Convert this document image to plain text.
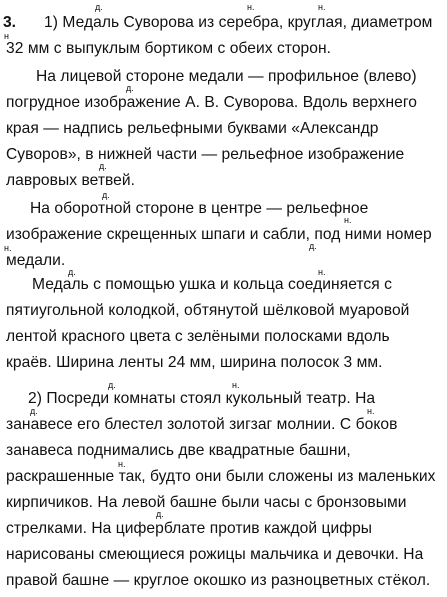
3.
н
1) Медаль Суворова из серебра, круглая, диаметром
32 мм с выпуклым бортиком с обеих сторон.
На лицевой стороне медали — профильное (влево)
погрудное изображение А. В. Суворова. Вдоль верхнего
края — надпись рельефными буквами «Александр
Суворов», в нижней части — рельефное изображение
лавровых ветвей.
На оборотной стороне в центре — рельефное
изображение скрещенных шпаги и сабли, под ними номер
медали.
Медаль с помощью ушка и кольца соединяется с
пятиугольной колодкой, обтянутой шёлковой муаровой
лентой красного цвета с зелёными полосками вдоль
краёв. Ширина ленты 24 мм, ширина полосок 3 мм.
2) Посреди комнаты стоял кукольный театр. На
занавесе его блестел золотой зигзаг молнии. С боков
занавеса поднимались две квадратные башни,
раскрашенные так, будто они были сложены из маленьких
кирпичиков. На левой башне были часы с бронзовыми
стрелками. На циферблате против каждой цифры
нарисованы смеющиеся рожицы мальчика и девочки. На
правой башне — круглое окошко из разноцветных стёкол.
д.	н.	н.
д.
д.
д.
н.
д.
н.
д.	н.
д.	н.
д.	н.
н.
д.
